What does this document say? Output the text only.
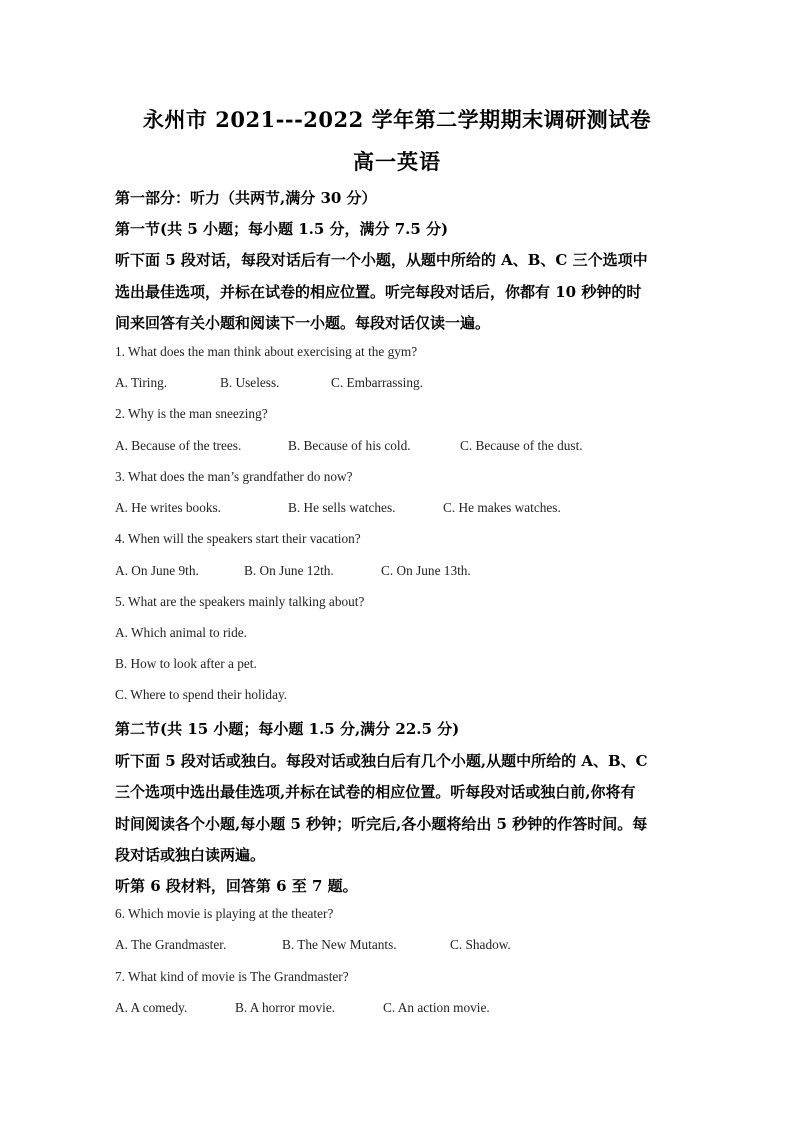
永州市 2021---2022 学年第二学期期末调研测试卷
高一英语
第一部分：听力（共两节,满分 30 分）
第一节(共 5 小题；每小题 1.5 分，满分 7.5 分)
听下面 5 段对话，每段对话后有一个小题，从题中所给的 A、B、C 三个选项中
选出最佳选项，并标在试卷的相应位置。听完每段对话后，你都有 10 秒钟的时
间来回答有关小题和阅读下一小题。每段对话仅读一遍。
1. What does the man think about exercising at the gym?
A. Tiring.	B. Useless.	C. Embarrassing.
2. Why is the man sneezing?
A. Because of the trees.	B. Because of his cold.	C. Because of the dust.
3. What does the man’s grandfather do now?
A. He writes books.	B. He sells watches.	C. He makes watches.
4. When will the speakers start their vacation?
A. On June 9th.	B. On June 12th.	C. On June 13th.
5. What are the speakers mainly talking about?
A. Which animal to ride.
B. How to look after a pet.
C. Where to spend their holiday.
第二节(共 15 小题；每小题 1.5 分,满分 22.5 分)
听下面 5 段对话或独白。每段对话或独白后有几个小题,从题中所给的 A、B、C
三个选项中选出最佳选项,并标在试卷的相应位置。听每段对话或独白前,你将有
时间阅读各个小题,每小题 5 秒钟；听完后,各小题将给出 5 秒钟的作答时间。每
段对话或独白读两遍。
听第 6 段材料，回答第 6 至 7 题。
6. Which movie is playing at the theater?
A. The Grandmaster.	B. The New Mutants.	C. Shadow.
7. What kind of movie is The Grandmaster?
A. A comedy.	B. A horror movie.	C. An action movie.
